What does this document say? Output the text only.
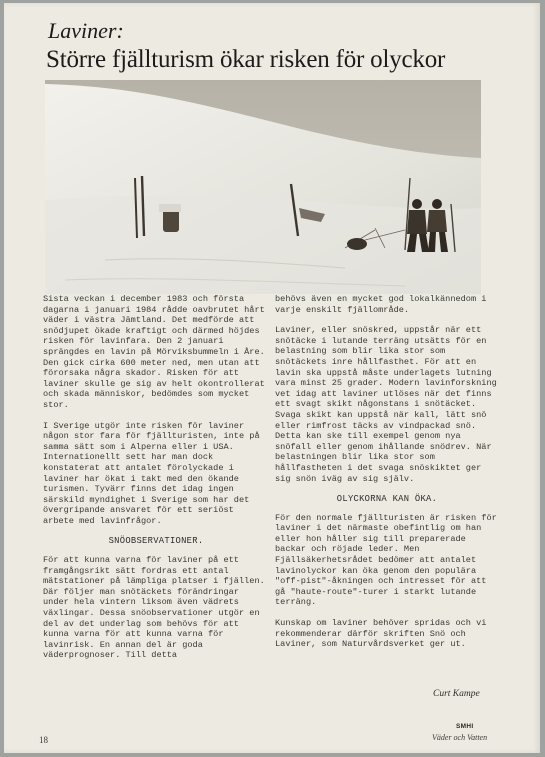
Laviner:
Större fjällturism ökar risken för olyckor

Sista veckan i december 1983 och första dagarna i januari 1984 rådde oavbrutet hårt väder i västra Jämtland. Det medförde att snödjupet ökade kraftigt och därmed höjdes risken för lavinfara. Den 2 januari sprängdes en lavin på Mörviksbummeln i Åre. Den gick cirka 600 meter ned, men utan att förorsaka några skador. Risken för att laviner skulle ge sig av helt okontrollerat och skada människor, bedömdes som mycket stor.

I Sverige utgör inte risken för laviner någon stor fara för fjällturisten, inte på samma sätt som i Alperna eller i USA. Internationellt sett har man dock konstaterat att antalet förolyckade i laviner har ökat i takt med den ökande turismen. Tyvärr finns det idag ingen särskild myndighet i Sverige som har det övergripande ansvaret för ett seriöst arbete med lavinfrågor.

SNÖOBSERVATIONER.

För att kunna varna för laviner på ett framgångsrikt sätt fordras ett antal mätstationer på lämpliga platser i fjällen. Där följer man snötäckets förändringar under hela vintern liksom även vädrets växlingar. Dessa snöobservationer utgör en del av det underlag som behövs för att kunna varna för att kunna varna för lavinrisk. En annan del är goda väderprognoser. Till detta

behövs även en mycket god lokalkännedom i varje enskilt fjällområde.

Laviner, eller snöskred, uppstår när ett snötäcke i lutande terräng utsätts för en belastning som blir lika stor som snötäckets inre hållfasthet. För att en lavin ska uppstå måste underlagets lutning vara minst 25 grader. Modern lavinforskning vet idag att laviner utlöses när det finns ett svagt skikt någonstans i snötäcket. Svaga skikt kan uppstå när kall, lätt snö eller rimfrost täcks av vindpackad snö. Detta kan ske till exempel genom nya snöfall eller genom ihållande snödrev. När belastningen blir lika stor som hållfastheten i det svaga snöskiktet ger sig snön iväg av sig själv.

OLYCKORNA KAN ÖKA.

För den normale fjällturisten är risken för laviner i det närmaste obefintlig om han eller hon håller sig till preparerade backar och röjade leder. Men Fjällsäkerhetsrådet bedömer att antalet lavinolyckor kan öka genom den populära "off-pist"-åkningen och intresset för att gå "haute-route"-turer i starkt lutande terräng.

Kunskap om laviner behöver spridas och vi rekommenderar därför skriften Snö och Laviner, som Naturvårdsverket ger ut.

Curt Kampe
18
SMHI
Väder och Vatten
